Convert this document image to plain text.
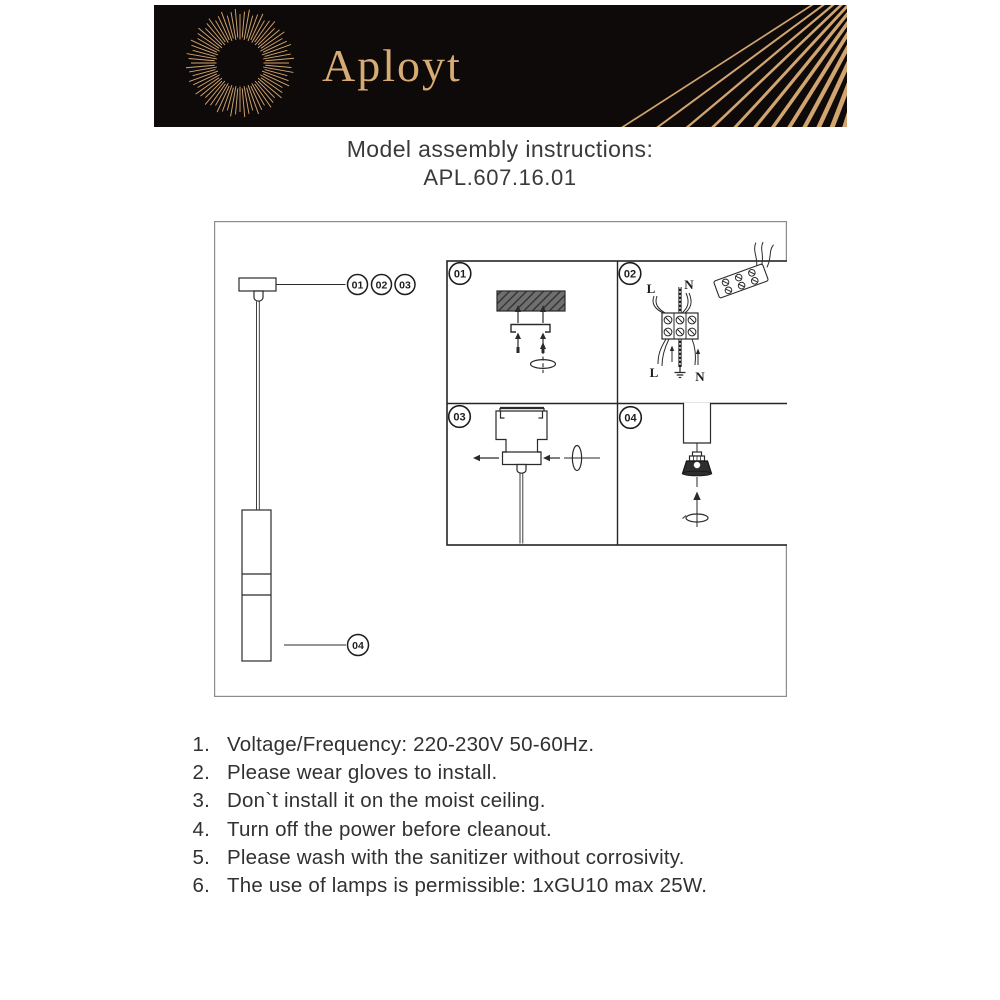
Aployt
Model assembly instructions:
APL.607.16.01
01 02 03
04
L N
L	N
01	02
03	04
1. Voltage/Frequency: 220-230V 50-60Hz.
2. Please wear gloves to install.
3. Don`t install it on the moist ceiling.
4. Turn off the power before cleanout.
5. Please wash with the sanitizer without corrosivity.
6. The use of lamps is permissible: 1xGU10 max 25W.
